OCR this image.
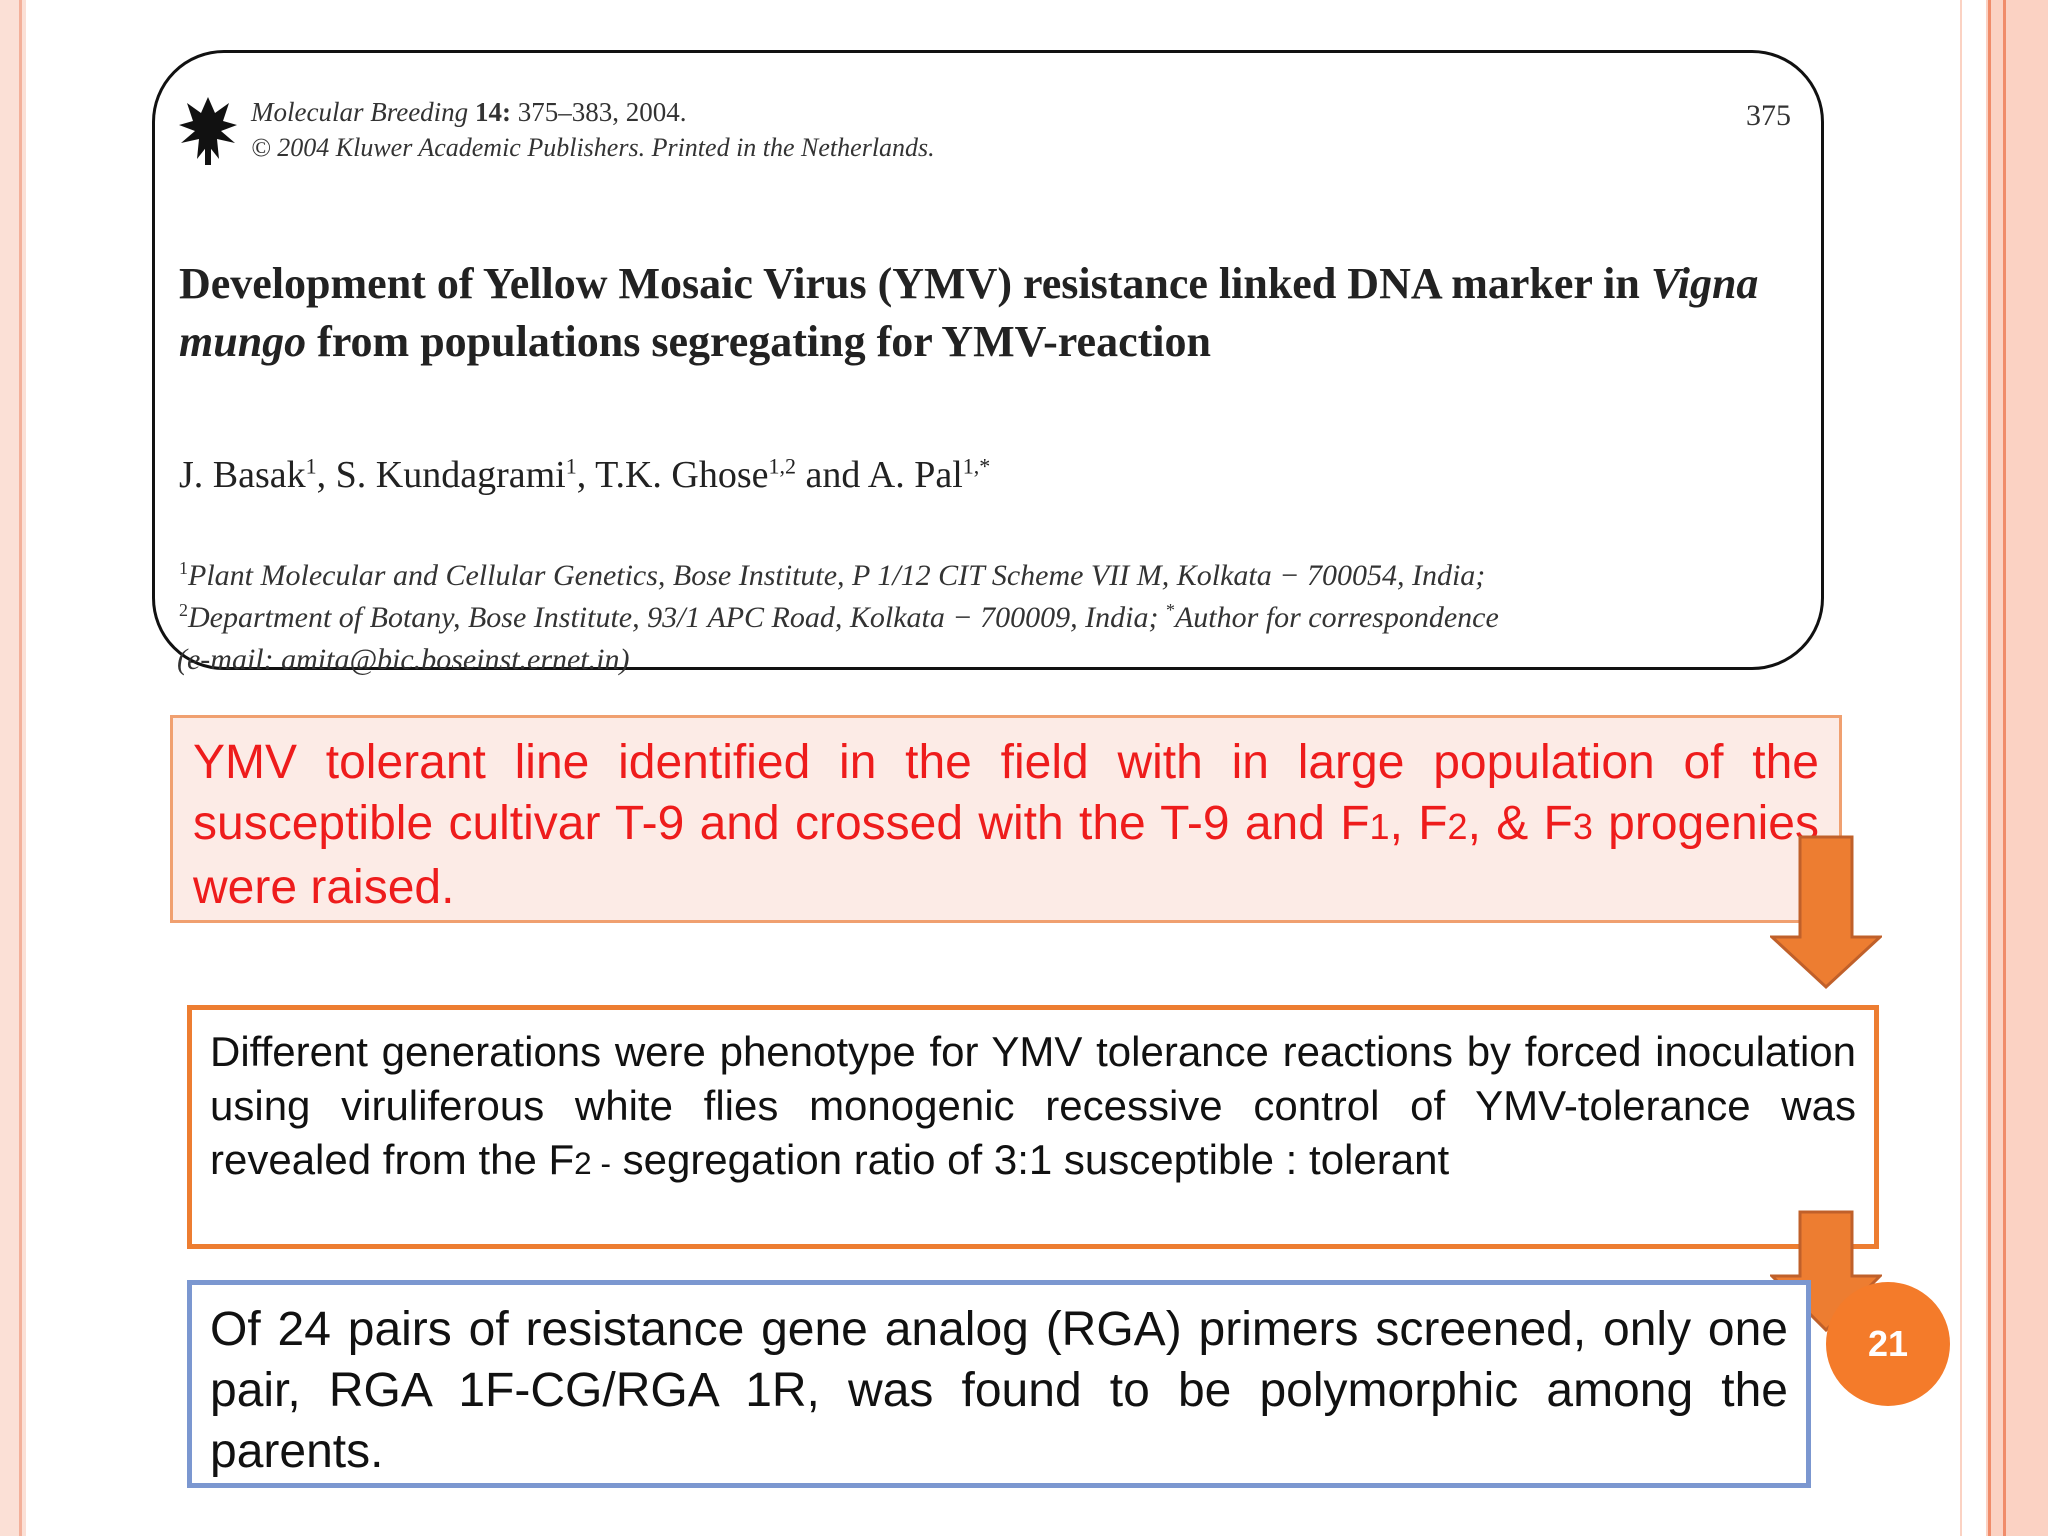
Molecular Breeding 14: 375–383, 2004.
© 2004 Kluwer Academic Publishers. Printed in the Netherlands.
375
Development of Yellow Mosaic Virus (YMV) resistance linked DNA marker in Vigna mungo from populations segregating for YMV-reaction
J. Basak$^1$, S. Kundagrami$^1$, T.K. Ghose$^{1,2}$ and A. Pal$^{1,*}$
$^1$Plant Molecular and Cellular Genetics, Bose Institute, P 1/12 CIT Scheme VII M, Kolkata − 700054, India;
$^2$Department of Botany, Bose Institute, 93/1 APC Road, Kolkata − 700009, India; *Author for correspondence
(e-mail: amita@bic.boseinst.ernet.in)
YMV tolerant line identified in the field with in large population of the susceptible cultivar T-9 and crossed with the T-9 and F1, F2, & F3 progenies were raised.
Different generations were phenotype for YMV tolerance reactions by forced inoculation using viruliferous white flies monogenic recessive control of YMV-tolerance was revealed from the F2 - segregation ratio of 3:1 susceptible : tolerant
Of 24 pairs of resistance gene analog (RGA) primers screened, only one pair, RGA 1F-CG/RGA 1R, was found to be polymorphic among the parents.
21
